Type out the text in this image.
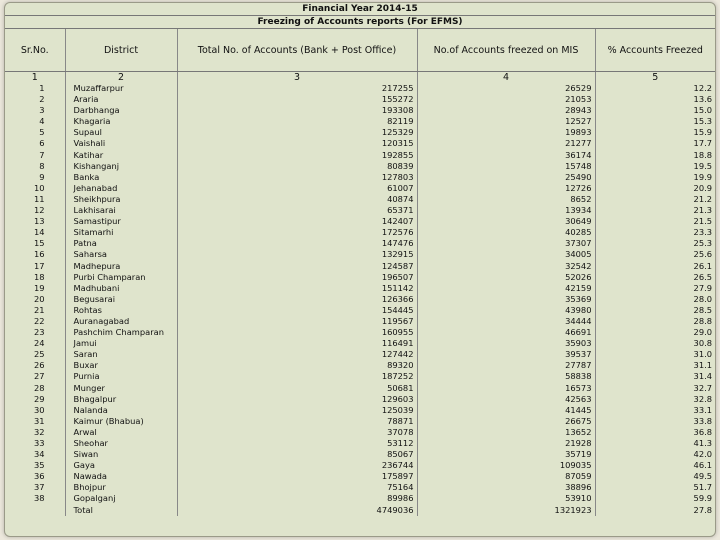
Financial Year 2014-15				
Freezing of Accounts reports (For EFMS)				
Sr.No.	District	Total No. of Accounts (Bank + Post Office)	No.of Accounts freezed on MIS	% Accounts Freezed
1	2	3	4	5
1	Muzaffarpur	217255	26529	12.2
2	Araria	155272	21053	13.6
3	Darbhanga	193308	28943	15.0
4	Khagaria	82119	12527	15.3
5	Supaul	125329	19893	15.9
6	Vaishali	120315	21277	17.7
7	Katihar	192855	36174	18.8
8	Kishanganj	80839	15748	19.5
9	Banka	127803	25490	19.9
10	Jehanabad	61007	12726	20.9
11	Sheikhpura	40874	8652	21.2
12	Lakhisarai	65371	13934	21.3
13	Samastipur	142407	30649	21.5
14	Sitamarhi	172576	40285	23.3
15	Patna	147476	37307	25.3
16	Saharsa	132915	34005	25.6
17	Madhepura	124587	32542	26.1
18	Purbi Champaran	196507	52026	26.5
19	Madhubani	151142	42159	27.9
20	Begusarai	126366	35369	28.0
21	Rohtas	154445	43980	28.5
22	Auranagabad	119567	34444	28.8
23	Pashchim Champaran	160955	46691	29.0
24	Jamui	116491	35903	30.8
25	Saran	127442	39537	31.0
26	Buxar	89320	27787	31.1
27	Purnia	187252	58838	31.4
28	Munger	50681	16573	32.7
29	Bhagalpur	129603	42563	32.8
30	Nalanda	125039	41445	33.1
31	Kaimur (Bhabua)	78871	26675	33.8
32	Arwal	37078	13652	36.8
33	Sheohar	53112	21928	41.3
34	Siwan	85067	35719	42.0
35	Gaya	236744	109035	46.1
36	Nawada	175897	87059	49.5
37	Bhojpur	75164	38896	51.7
38	Gopalganj	89986	53910	59.9
	Total	4749036	1321923	27.8
